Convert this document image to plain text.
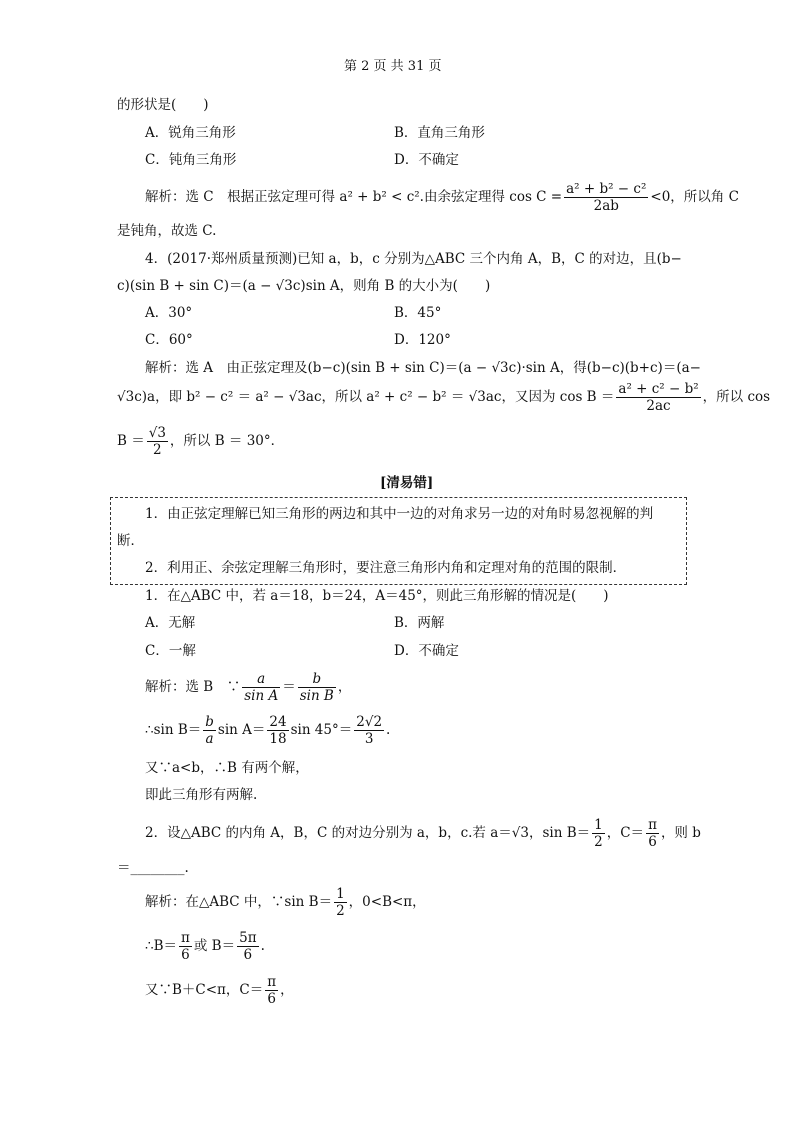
第 2 页 共 31 页
的形状是(　　)
A．锐角三角形	B．直角三角形
C．钝角三角形	D．不确定
解析：选 C　根据正弦定理可得 a² + b² < c².由余弦定理得 $\cos C = \frac{\text{a² + b² − c²}}{2ab} <0$，所以角 C
是钝角，故选 C.
4．(2017·郑州质量预测)已知 a，b，c 分别为△ABC 三个内角 A，B，C 的对边，且(b−
c)(sin B + sin C)＝(a − √3c)sin A，则角 B 的大小为(　　)
A．30°	B．45°
C．60°	D．120°
解析：选 A　由正弦定理及(b−c)(sin B + sin C)＝(a − √3c)·sin A，得(b−c)(b+c)＝(a−
√3c)a，即 b² − c² ＝ a² − √3ac，所以 a² + c² − b² ＝ √3ac，又因为 $\cos B = \frac{\text{a² + c² − b²}}{2ac}$ ，所以 cos
$B = \frac{√3}{2}$ ，所以 B ＝ 30°．
[清易错]
1．由正弦定理解已知三角形的两边和其中一边的对角求另一边的对角时易忽视解的判
断．
2．利用正、余弦定理解三角形时，要注意三角形内角和定理对角的范围的限制．
1．在△ABC 中，若 a＝18，b＝24，A＝45°，则此三角形解的情况是(　　)
A．无解	B．两解
C．一解	D．不确定
解析：选 B　∵ $\frac{a}{\text{sin A}} = \frac{b}{\text{sin B}}$ ，
∴sin $B= \frac{b}{a}$ $\sin A= \frac{24}{18}$ $\sin 45^\circ= \frac{2√2}{3}$ .
又∵a<b，∴B 有两个解，
即此三角形有两解.
2．设△ABC 的内角 A，B，C 的对边分别为 a，b，c.若 a＝√3，$\sin B= \frac{1}{2}$ ，$C= \frac{\pi}{6}$ ，则 b
＝________.
解析：在△ABC 中，∵sin $B= \frac{1}{2}$ ，0<B<π，
∴B＝ $\frac{\pi}{6}$ 或 $B= \frac{5\pi}{6}$ .
又∵B＋C<π，$C= \frac{\pi}{6}$ ，
